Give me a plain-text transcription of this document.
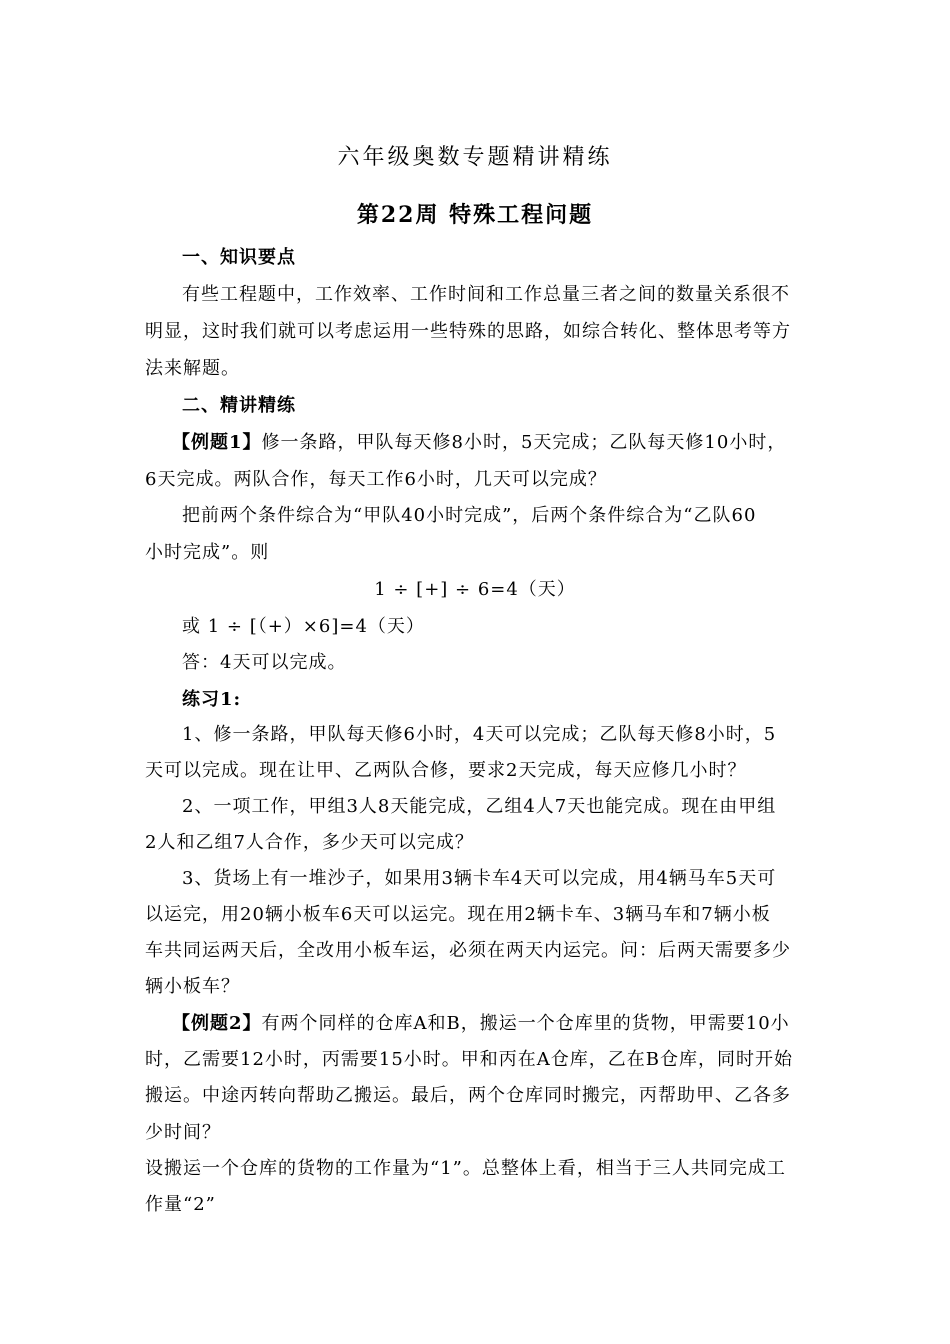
六年级奥数专题精讲精练
第22周 特殊工程问题
一、知识要点
有些工程题中，工作效率、工作时间和工作总量三者之间的数量关系很不
明显，这时我们就可以考虑运用一些特殊的思路，如综合转化、整体思考等方
法来解题。
二、精讲精练
【例题1】修一条路，甲队每天修8小时，5天完成；乙队每天修10小时，
6天完成。两队合作，每天工作6小时，几天可以完成？
把前两个条件综合为“甲队40小时完成”，后两个条件综合为“乙队60
小时完成”。则
1 ÷ [+] ÷ 6=4（天）
或 1 ÷ [（+）×6]=4（天）
答：4天可以完成。
练习1:
1、修一条路，甲队每天修6小时，4天可以完成；乙队每天修8小时，5
天可以完成。现在让甲、乙两队合修，要求2天完成，每天应修几小时？
2、一项工作，甲组3人8天能完成，乙组4人7天也能完成。现在由甲组
2人和乙组7人合作，多少天可以完成？
3、货场上有一堆沙子，如果用3辆卡车4天可以完成，用4辆马车5天可
以运完，用20辆小板车6天可以运完。现在用2辆卡车、3辆马车和7辆小板
车共同运两天后，全改用小板车运，必须在两天内运完。问：后两天需要多少
辆小板车？
【例题2】有两个同样的仓库A和B，搬运一个仓库里的货物，甲需要10小
时，乙需要12小时，丙需要15小时。甲和丙在A仓库，乙在B仓库，同时开始
搬运。中途丙转向帮助乙搬运。最后，两个仓库同时搬完，丙帮助甲、乙各多
少时间？
设搬运一个仓库的货物的工作量为“1”。总整体上看，相当于三人共同完成工
作量“2”
